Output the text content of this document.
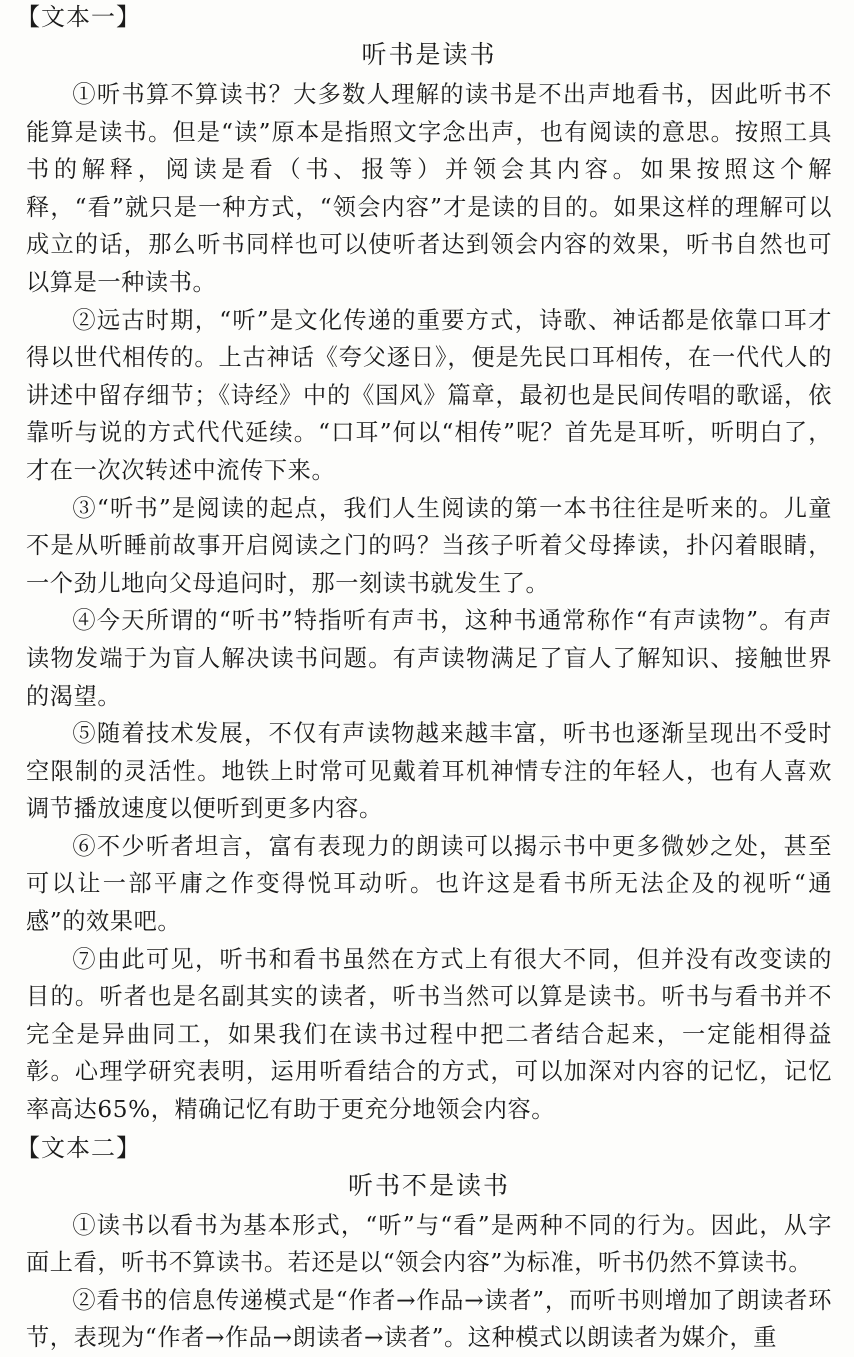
【文本一】
听书是读书

①听书算不算读书？大多数人理解的读书是不出声地看书，因此听书不能算是读书。但是“读”原本是指照文字念出声，也有阅读的意思。按照工具书的解释，阅读是看（书、报等）并领会其内容。如果按照这个解释，“看”就只是一种方式，“领会内容”才是读的目的。如果这样的理解可以成立的话，那么听书同样也可以使听者达到领会内容的效果，听书自然也可以算是一种读书。

②远古时期，“听”是文化传递的重要方式，诗歌、神话都是依靠口耳才得以世代相传的。上古神话《夸父逐日》，便是先民口耳相传，在一代代人的讲述中留存细节；《诗经》中的《国风》篇章，最初也是民间传唱的歌谣，依靠听与说的方式代代延续。“口耳”何以“相传”呢？首先是耳听，听明白了，才在一次次转述中流传下来。

③“听书”是阅读的起点，我们人生阅读的第一本书往往是听来的。儿童不是从听睡前故事开启阅读之门的吗？当孩子听着父母捧读，扑闪着眼睛，一个劲儿地向父母追问时，那一刻读书就发生了。

④今天所谓的“听书”特指听有声书，这种书通常称作“有声读物”。有声读物发端于为盲人解决读书问题。有声读物满足了盲人了解知识、接触世界的渴望。

⑤随着技术发展，不仅有声读物越来越丰富，听书也逐渐呈现出不受时空限制的灵活性。地铁上时常可见戴着耳机神情专注的年轻人，也有人喜欢调节播放速度以便听到更多内容。

⑥不少听者坦言，富有表现力的朗读可以揭示书中更多微妙之处，甚至可以让一部平庸之作变得悦耳动听。也许这是看书所无法企及的视听“通感”的效果吧。

⑦由此可见，听书和看书虽然在方式上有很大不同，但并没有改变读的目的。听者也是名副其实的读者，听书当然可以算是读书。听书与看书并不完全是异曲同工，如果我们在读书过程中把二者结合起来，一定能相得益彰。心理学研究表明，运用听看结合的方式，可以加深对内容的记忆，记忆率高达65%，精确记忆有助于更充分地领会内容。

【文本二】
听书不是读书

①读书以看书为基本形式，“听”与“看”是两种不同的行为。因此，从字面上看，听书不算读书。若还是以“领会内容”为标准，听书仍然不算读书。

②看书的信息传递模式是“作者→作品→读者”，而听书则增加了朗读者环节，表现为“作者→作品→朗读者→读者”。这种模式以朗读者为媒介，重
